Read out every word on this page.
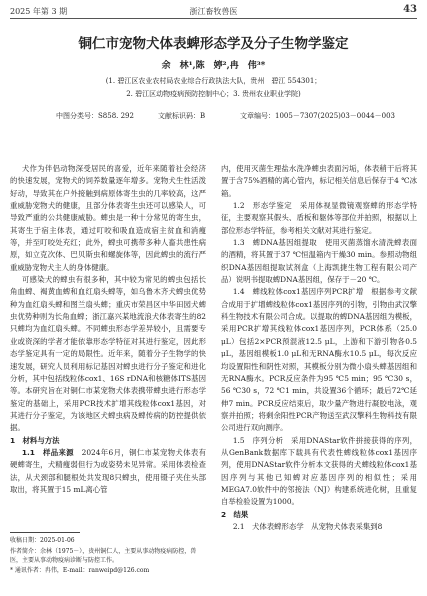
2025 年第 3 期	浙江畜牧兽医	43
铜仁市宠物犬体表蜱形态学及分子生物学鉴定
余　林¹,陈　婷²,冉　伟³*
(1. 碧江区农业农村局农业综合行政执法大队，贵州　碧江 554301；
2. 碧江区动物疫病预防控制中心；3. 贵州农业职业学院)
中图分类号：S858. 292	文献标识码：B	文章编号：1005－7307(2025)03－0044－003

犬作为伴侣动物深受居民的喜爱，近年来随着社会经济的快速发展，宠物犬的饲养数量逐年增多。宠物犬生性活泼好动，导致其在户外接触到病原体寄生虫的几率较高，这严重威胁宠物犬的健康，且部分体表寄生虫还可以感染人，可导致严重的公共健康威胁。蜱虫是一种十分常见的寄生虫，其寄生于宿主体表，通过叮咬和吸血造成宿主贫血和消瘦等，并至叮咬处充红；此外，蜱虫可携带多种人畜共患性病原，如立克次体、巴贝斯虫和螺旋体等，因此蜱虫的流行严重威胁宠物犬主人的身体健康。

可感染犬的蜱虫有很多种，其中较为常见的蜱虫包括长角血蜱、褐黄血蜱和血红扇头蜱等，如乌鲁木齐犬蜱虫优势种为血红扇头蜱和图兰扇头蜱；重庆市荣昌区中华田园犬蜱虫优势种则为长角血蜱；浙江嘉兴某地流浪犬体表寄生的82只蜱均为血红扇头蜱。不同蜱虫形态学差异较小，且需要专业或资深的学者才能依靠形态学特征对其进行鉴定，因此形态学鉴定具有一定的局限性。近年来，随着分子生物学的快速发展，研究人员利用标记基因对蜱虫进行分子鉴定和进化分析，其中包括线粒体cox1、16S rDNA和核糖体ITS基因等。本研究旨在对铜仁市某宠物犬体表携带蜱虫进行形态学鉴定的基础上，采用PCR技术扩增其线粒体cox1基因，对其进行分子鉴定，为该地区犬蜱虫病及蜱传病的防控提供依据。

1　材料与方法

1.1　样品来源　 2024年6月，铜仁市某宠物犬体表有硬蜱寄生，犬精瘦弱但行为或姿势未见异常。采用体表检查法，从犬颈部和腿根处共发现8只蜱虫，使用镊子夹住头部取出，将其置于15 mL离心管

内，使用灭菌生理盐水洗净蜱虫表面污垢，体表稍干后将其置于含75%酒精的离心管内，标记相关信息后保存于4 ℃冰箱。

1.2　形态学鉴定　采用体视显微镜观察蜱的形态学特征，主要观察其假头、盾板和躯体等部位并拍照，根据以上部位形态学特征，参考相关文献对其进行鉴定。

1.3　蜱DNA基因组提取　使用灭菌蒸馏水清洗蜱表面的酒精，将其置于37 ℃恒温箱内干燥30 min。参照动物组织DNA基因组提取试剂盒（上海凯捷生物工程有限公司产品）说明书提取蜱DNA基因组，保存于－20 ℃。

1.4　蜱线粒体cox1基因序列PCR扩增　根据参考文献合成用于扩增蜱线粒体cox1基因序列的引物，引物由武汉擎科生物技术有限公司合成。以提取的蜱DNA基因组为模板，采用PCR扩增其线粒体cox1基因序列，PCR体系（25.0 μL）包括2×PCR预混液12.5 μL，上游和下游引物各0.5 μL，基因组模板1.0 μL和无RNA酶水10.5 μL，每次反应均设置阳性和阴性对照，其模板分别为微小扇头蜱基因组和无RNA酶水。PCR反应条件为95 ℃5 min；95 ℃30 s，56 ℃30 s，72 ℃1 min，共设置36个循环；最后72℃延伸7 min。PCR反应结束后，取少量产物进行凝胶电泳，观察并拍照；将剩余阳性PCR产物送至武汉擎科生物科技有限公司进行双向测序。

1.5　序列分析　采用DNAStar软件拼接获得的序列，从GenBank数据库下载具有代表性蜱线粒体cox1基因序列，使用DNAStar软件分析本文获得的犬蜱线粒体cox1基因序列与其他已知蜱对应基因序列的相似性；采用MEGA7.0软件中的邻接法（NJ）构建系统进化树，且重复自举检验设置为1000。

2　结果

2.1　犬体表蜱形态学　从宠物犬体表采集到8

收稿日期：2025-01-06
作者简介：余林（1975－），贵州铜仁人，主要从事动物疫病防控，兽医，主要从事动物疫病诊断与防控工作。
* 通讯作者：冉伟，E-mail：ranweipd@126.com
